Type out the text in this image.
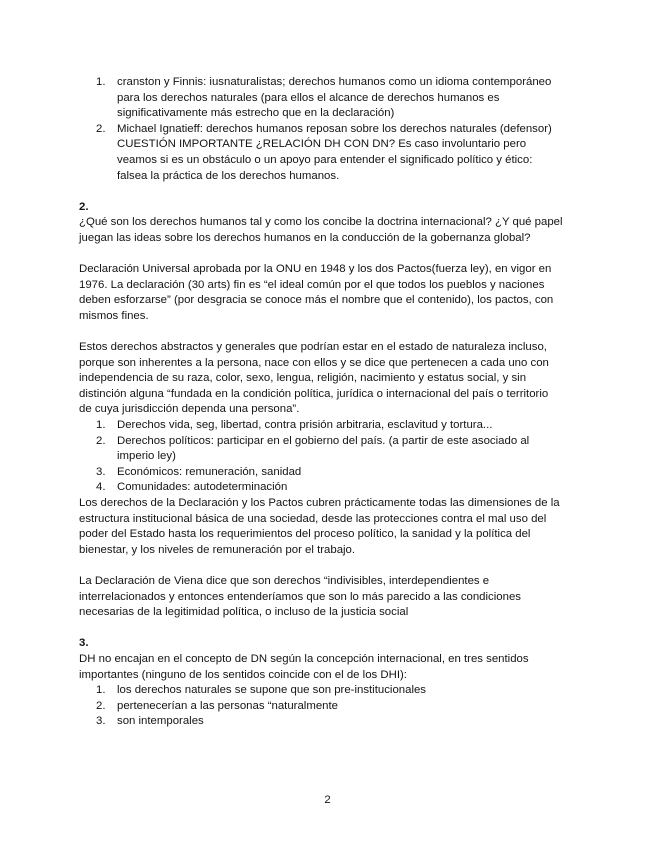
1. cranston y Finnis: iusnaturalistas; derechos humanos como un idioma contemporáneo
para los derechos naturales (para ellos el alcance de derechos humanos es
significativamente más estrecho que en la declaración)
2. Michael Ignatieff: derechos humanos reposan sobre los derechos naturales (defensor)
CUESTIÓN IMPORTANTE ¿RELACIÓN DH CON DN? Es caso involuntario pero
veamos si es un obstáculo o un apoyo para entender el significado político y ético:
falsea la práctica de los derechos humanos.

2.

¿Qué son los derechos humanos tal y como los concibe la doctrina internacional? ¿Y qué papel
juegan las ideas sobre los derechos humanos en la conducción de la gobernanza global?
Declaración Universal aprobada por la ONU en 1948 y los dos Pactos(fuerza ley), en vigor en
1976. La declaración (30 arts) fin es “el ideal común por el que todos los pueblos y naciones
deben esforzarse” (por desgracia se conoce más el nombre que el contenido), los pactos, con
mismos fines.
Estos derechos abstractos y generales que podrían estar en el estado de naturaleza incluso,
porque son inherentes a la persona, nace con ellos y se dice que pertenecen a cada uno con
independencia de su raza, color, sexo, lengua, religión, nacimiento y estatus social, y sin
distinción alguna “fundada en la condición política, jurídica o internacional del país o territorio
de cuya jurisdicción dependa una persona”.
1. Derechos vida, seg, libertad, contra prisión arbitraria, esclavitud y tortura...
2. Derechos políticos: participar en el gobierno del país. (a partir de este asociado al
imperio ley)
3. Económicos: remuneración, sanidad
4. Comunidades: autodeterminación
Los derechos de la Declaración y los Pactos cubren prácticamente todas las dimensiones de la
estructura institucional básica de una sociedad, desde las protecciones contra el mal uso del
poder del Estado hasta los requerimientos del proceso político, la sanidad y la política del
bienestar, y los niveles de remuneración por el trabajo.
La Declaración de Viena dice que son derechos “indivisibles, interdependientes e
interrelacionados y entonces entenderíamos que son lo más parecido a las condiciones
necesarias de la legitimidad política, o incluso de la justicia social

3.

DH no encajan en el concepto de DN según la concepción internacional, en tres sentidos
importantes (ninguno de los sentidos coincide con el de los DHI):
1. los derechos naturales se supone que son pre-institucionales
2. pertenecerían a las personas “naturalmente
3. son intemporales
2
